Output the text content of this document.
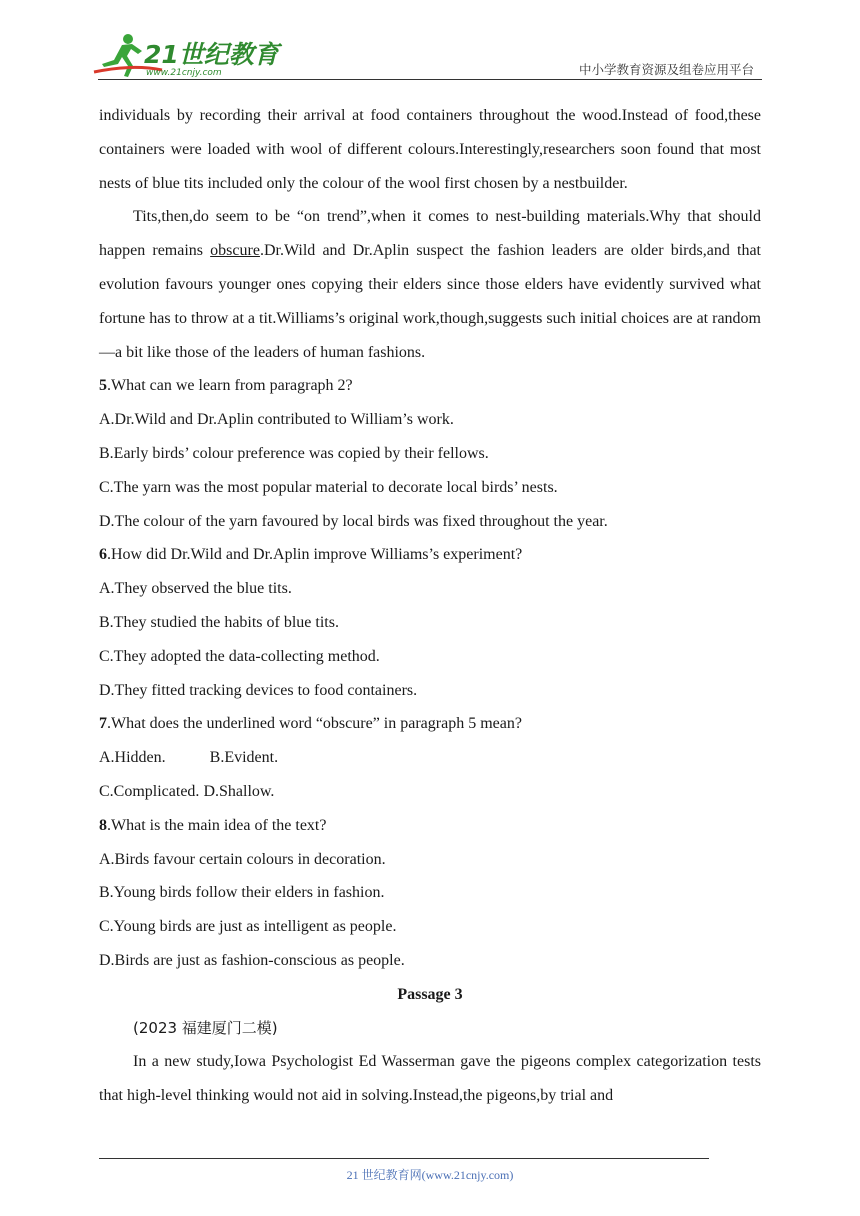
21世纪教育
www.21cnjy.com	中小学教育资源及组卷应用平台
individuals by recording their arrival at food containers throughout the wood.Instead of food,these containers were loaded with wool of different colours.Interestingly,researchers soon found that most nests of blue tits included only the colour of the wool first chosen by a nestbuilder.
Tits,then,do seem to be “on trend”,when it comes to nest-building materials.Why that should happen remains obscure.Dr.Wild and Dr.Aplin suspect the fashion leaders are older birds,and that evolution favours younger ones copying their elders since those elders have evidently survived what fortune has to throw at a tit.Williams’s original work,though,suggests such initial choices are at random—a bit like those of the leaders of human fashions.
5.What can we learn from paragraph 2?
A.Dr.Wild and Dr.Aplin contributed to William’s work.
B.Early birds’ colour preference was copied by their fellows.
C.The yarn was the most popular material to decorate local birds’ nests.
D.The colour of the yarn favoured by local birds was fixed throughout the year.
6.How did Dr.Wild and Dr.Aplin improve Williams’s experiment?
A.They observed the blue tits.
B.They studied the habits of blue tits.
C.They adopted the data-collecting method.
D.They fitted tracking devices to food containers.
7.What does the underlined word “obscure” in paragraph 5 mean?
A.Hidden.	B.Evident.
C.Complicated. D.Shallow.
8.What is the main idea of the text?
A.Birds favour certain colours in decoration.
B.Young birds follow their elders in fashion.
C.Young birds are just as intelligent as people.
D.Birds are just as fashion-conscious as people.
Passage 3
(2023 福建厦门二模)
In a new study,Iowa Psychologist Ed Wasserman gave the pigeons complex categorization tests that high-level thinking would not aid in solving.Instead,the pigeons,by trial and
21 世纪教育网(www.21cnjy.com)
